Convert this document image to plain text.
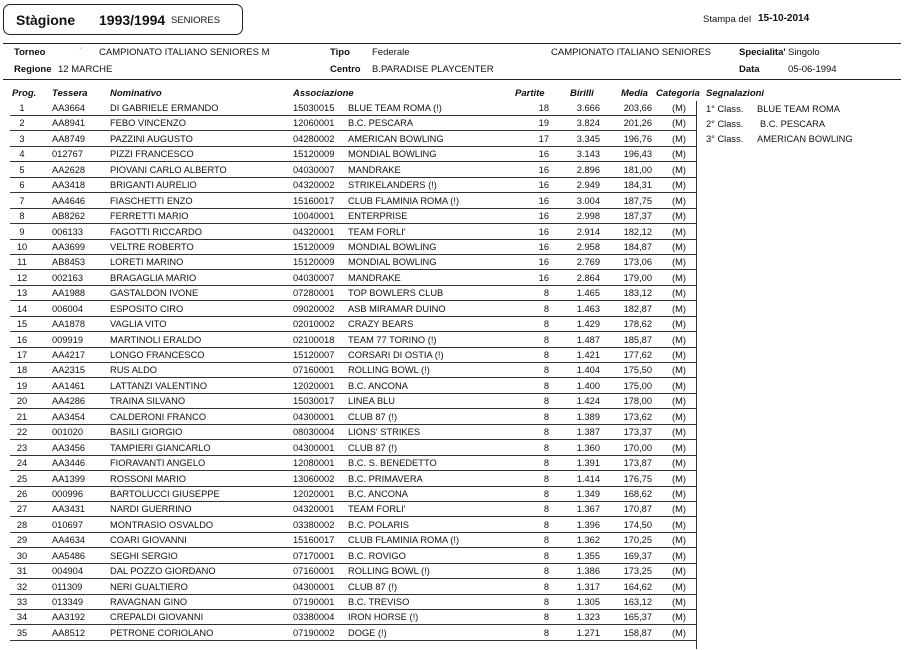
Stàgione 1993/1994 SENIORES	Stampa del 15-10-2014
Torneo	· CAMPIONATO ITALIANO SENIORES M	Tipo Federale	CAMPIONATO ITALIANO SENIORES	Specialita' Singolo
Regione 12 MARCHE	Centro B.PARADISE PLAYCENTER	Data	05-06-1994
Prog. Tessera Nominativo	Associazione	Partite	Birilli	Media Categoria Segnalazioni
1° Class. BLUE TEAM ROMA
2° Class. B.C. PESCARA
3° Class. AMERICAN BOWLING
1	AA3664	DI GABRIELE ERMANDO	15030015 BLUE TEAM ROMA (!)	18	3.666	203,66 (M)
2	AA8941	FEBO VINCENZO	12060001 B.C. PESCARA	19	3.824	201,26 (M)
3	AA8749	PAZZINI AUGUSTO	04280002 AMERICAN BOWLING	17	3.345	196,76 (M)
4	012767	PIZZI FRANCESCO	15120009 MONDIAL BOWLING	16	3.143	196,43 (M)
5	AA2628	PIOVANI CARLO ALBERTO	04030007 MANDRAKE	16	2.896	181,00 (M)
6	AA3418	BRIGANTI AURELIO	04320002 STRIKELANDERS (!)	16	2.949	184,31 (M)
7	AA4646	FIASCHETTI ENZO	15160017 CLUB FLAMINIA ROMA (!)	16	3.004	187,75 (M)
8	AB8262	FERRETTI MARIO	10040001 ENTERPRISE	16	2.998	187,37 (M)
9	006133	FAGOTTI RICCARDO	04320001 TEAM FORLI'	16	2.914	182,12 (M)
10	AA3699	VELTRE ROBERTO	15120009 MONDIAL BOWLING	16	2.958	184,87 (M)
11	AB8453	LORETI MARINO	15120009 MONDIAL BOWLING	16	2.769	173,06 (M)
12	002163	BRAGAGLIA MARIO	04030007 MANDRAKE	16	2.864	179,00 (M)
13	AA1988	GASTALDON IVONE	07280001 TOP BOWLERS CLUB	8	1.465	183,12 (M)
14	006004	ESPOSITO CIRO	09020002 ASB MIRAMAR DUINO	8	1.463	182,87 (M)
15	AA1878	VAGLIA VITO	02010002 CRAZY BEARS	8	1.429	178,62 (M)
16	009919	MARTINOLI ERALDO	02100018 TEAM 77 TORINO (!)	8	1.487	185,87 (M)
17	AA4217	LONGO FRANCESCO	15120007 CORSARI DI OSTIA (!)	8	1.421	177,62 (M)
18	AA2315	RUS ALDO	07160001 ROLLING BOWL (!)	8	1.404	175,50 (M)
19	AA1461	LATTANZI VALENTINO	12020001 B.C. ANCONA	8	1.400	175,00 (M)
20	AA4286	TRAINA SILVANO	15030017 LINEA BLU	8	1.424	178,00 (M)
21	AA3454	CALDERONI FRANCO	04300001 CLUB 87 (!)	8	1.389	173,62 (M)
22	001020	BASILI GIORGIO	08030004 LIONS' STRIKES	8	1.387	173,37 (M)
23	AA3456	TAMPIERI GIANCARLO	04300001 CLUB 87 (!)	8	1.360	170,00 (M)
24	AA3446	FIORAVANTI ANGELO	12080001 B.C. S. BENEDETTO	8	1.391	173,87 (M)
25	AA1399	ROSSONI MARIO	13060002 B.C. PRIMAVERA	8	1.414	176,75 (M)
26	000996	BARTOLUCCI GIUSEPPE	12020001 B.C. ANCONA	8	1.349	168,62 (M)
27	AA3431	NARDI GUERRINO	04320001 TEAM FORLI'	8	1.367	170,87 (M)
28	010697	MONTRASIO OSVALDO	03380002 B.C. POLARIS	8	1.396	174,50 (M)
29	AA4634	COARI GIOVANNI	15160017 CLUB FLAMINIA ROMA (!)	8	1.362	170,25 (M)
30	AA5486	SEGHI SERGIO	07170001 B.C. ROVIGO	8	1.355	169,37 (M)
31	004904	DAL POZZO GIORDANO	07160001 ROLLING BOWL (!)	8	1.386	173,25 (M)
32	011309	NERI GUALTIERO	04300001 CLUB 87 (!)	8	1.317	164,62 (M)
33	013349	RAVAGNAN GINO	07190001 B.C. TREVISO	8	1.305	163,12 (M)
34	AA3192	CREPALDI GIOVANNI	03380004 IRON HORSE (!)	8	1.323	165,37 (M)
35	AA8512	PETRONE CORIOLANO	07190002 DOGE (!)	8	1.271	158,87 (M)
